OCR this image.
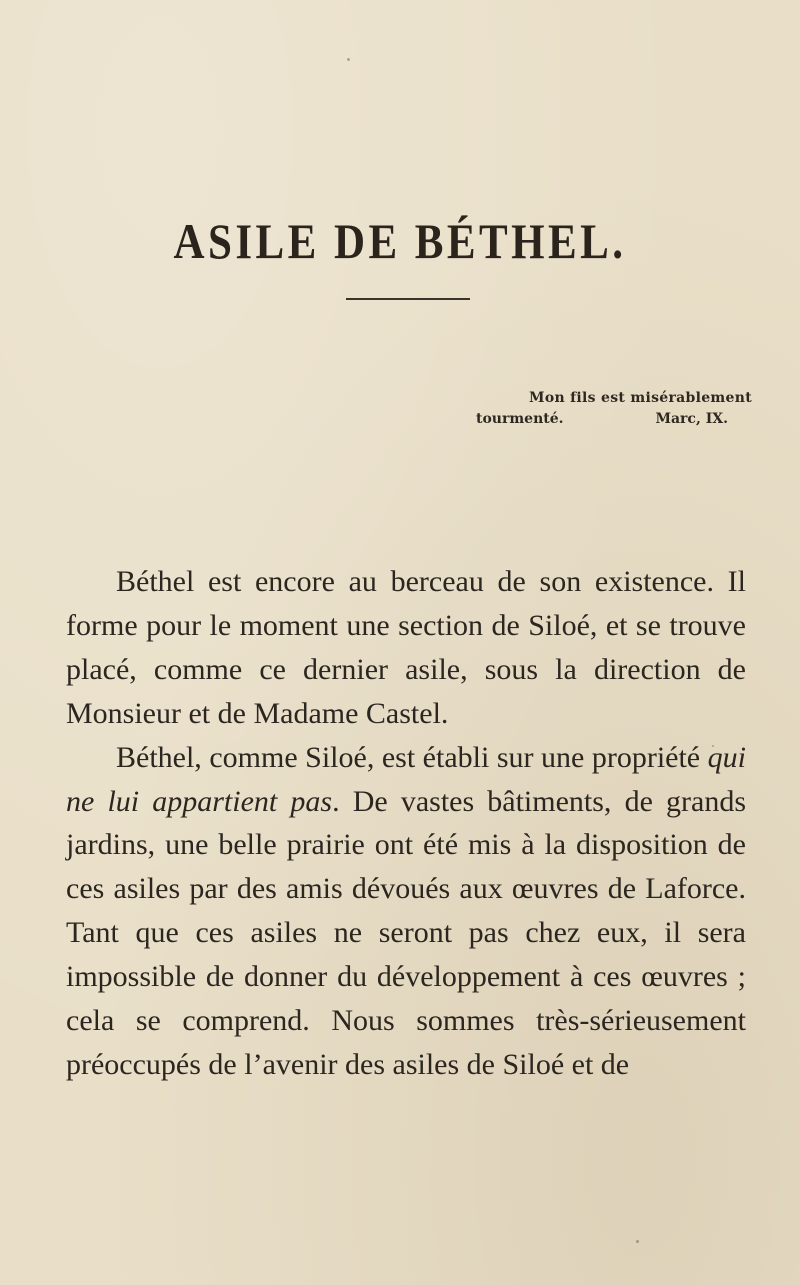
ASILE DE BÉTHEL.
Mon fils est misérablement
tourmenté.	Marc, IX.

Béthel est encore au berceau de son existence. Il forme pour le moment une section de Siloé, et se trouve placé, comme ce dernier asile, sous la direction de Monsieur et de Madame Castel.

Béthel, comme Siloé, est établi sur une propriété qui ne lui appartient pas. De vastes bâtiments, de grands jardins, une belle prairie ont été mis à la disposition de ces asiles par des amis dévoués aux œuvres de Laforce. Tant que ces asiles ne seront pas chez eux, il sera impossible de donner du développement à ces œuvres ; cela se comprend. Nous sommes très-sérieusement préoccupés de l’avenir des asiles de Siloé et de
